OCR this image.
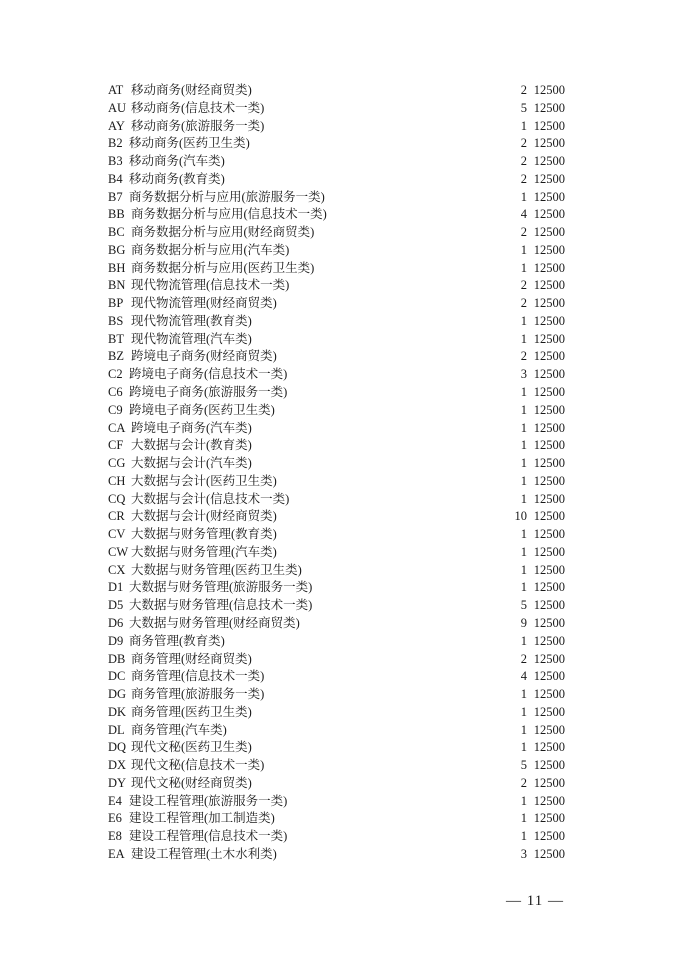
AT 移动商务(财经商贸类)	2 12500
AU 移动商务(信息技术一类)	5 12500
AY 移动商务(旅游服务一类)	1 12500
B2 移动商务(医药卫生类)	2 12500
B3 移动商务(汽车类)	2 12500
B4 移动商务(教育类)	2 12500
B7 商务数据分析与应用(旅游服务一类)	1 12500
BB 商务数据分析与应用(信息技术一类)	4 12500
BC 商务数据分析与应用(财经商贸类)	2 12500
BG 商务数据分析与应用(汽车类)	1 12500
BH 商务数据分析与应用(医药卫生类)	1 12500
BN 现代物流管理(信息技术一类)	2 12500
BP 现代物流管理(财经商贸类)	2 12500
BS 现代物流管理(教育类)	1 12500
BT 现代物流管理(汽车类)	1 12500
BZ 跨境电子商务(财经商贸类)	2 12500
C2 跨境电子商务(信息技术一类)	3 12500
C6 跨境电子商务(旅游服务一类)	1 12500
C9 跨境电子商务(医药卫生类)	1 12500
CA 跨境电子商务(汽车类)	1 12500
CF 大数据与会计(教育类)	1 12500
CG 大数据与会计(汽车类)	1 12500
CH 大数据与会计(医药卫生类)	1 12500
CQ 大数据与会计(信息技术一类)	1 12500
CR 大数据与会计(财经商贸类)	10 12500
CV 大数据与财务管理(教育类)	1 12500
CW 大数据与财务管理(汽车类)	1 12500
CX 大数据与财务管理(医药卫生类)	1 12500
D1 大数据与财务管理(旅游服务一类)	1 12500
D5 大数据与财务管理(信息技术一类)	5 12500
D6 大数据与财务管理(财经商贸类)	9 12500
D9 商务管理(教育类)	1 12500
DB 商务管理(财经商贸类)	2 12500
DC 商务管理(信息技术一类)	4 12500
DG 商务管理(旅游服务一类)	1 12500
DK 商务管理(医药卫生类)	1 12500
DL 商务管理(汽车类)	1 12500
DQ 现代文秘(医药卫生类)	1 12500
DX 现代文秘(信息技术一类)	5 12500
DY 现代文秘(财经商贸类)	2 12500
E4 建设工程管理(旅游服务一类)	1 12500
E6 建设工程管理(加工制造类)	1 12500
E8 建设工程管理(信息技术一类)	1 12500
EA 建设工程管理(土木水利类)	3 12500
— 11 —
